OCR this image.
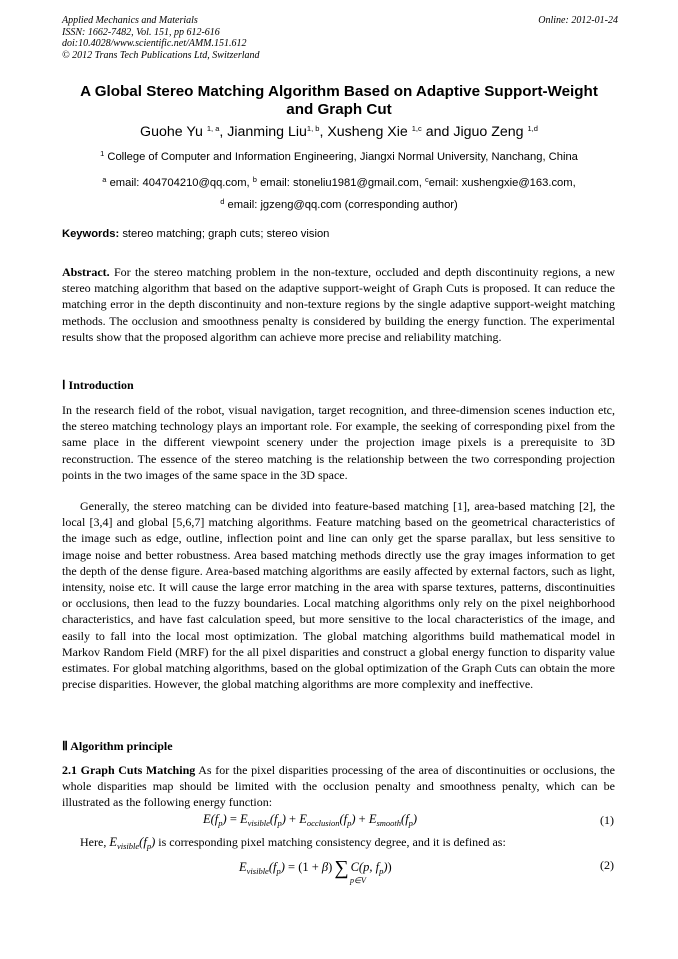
Applied Mechanics and Materials
ISSN: 1662-7482, Vol. 151, pp 612-616
doi:10.4028/www.scientific.net/AMM.151.612
© 2012 Trans Tech Publications Ltd, Switzerland
Online: 2012-01-24
A Global Stereo Matching Algorithm Based on Adaptive Support-Weight
and Graph Cut
Guohe Yu $^{1, a}$, Jianming Liu$^{1, b}$, Xusheng Xie $^{1,c}$ and Jiguo Zeng $^{1,d}$
$^1$ College of Computer and Information Engineering, Jiangxi Normal University, Nanchang, China
$^a$ email: 404704210@qq.com, $^b$ email: stoneliu1981@gmail.com, $^c$email: xushengxie@163.com,
$^d$ email: jgzeng@qq.com (corresponding author)
Keywords: stereo matching; graph cuts; stereo vision
Abstract. For the stereo matching problem in the non-texture, occluded and depth discontinuity regions, a new stereo matching algorithm that based on the adaptive support-weight of Graph Cuts is proposed. It can reduce the matching error in the depth discontinuity and non-texture regions by the single adaptive support-weight matching methods. The occlusion and smoothness penalty is considered by building the energy function. The experimental results show that the proposed algorithm can achieve more precise and reliability matching.
Ⅰ Introduction
In the research field of the robot, visual navigation, target recognition, and three-dimension scenes induction etc, the stereo matching technology plays an important role. For example, the seeking of corresponding pixel from the same place in the different viewpoint scenery under the projection image pixels is a prerequisite to 3D reconstruction. The essence of the stereo matching is the relationship between the two corresponding projection points in the two images of the same space in the 3D space.
Generally, the stereo matching can be divided into feature-based matching [1], area-based matching [2], the local [3,4] and global [5,6,7] matching algorithms. Feature matching based on the geometrical characteristics of the image such as edge, outline, inflection point and line can only get the sparse parallax, but less sensitive to image noise and better robustness. Area based matching methods directly use the gray images information to get the depth of the dense figure. Area-based matching algorithms are easily affected by external factors, such as light, intensity, noise etc. It will cause the large error matching in the area with sparse textures, patterns, discontinuities or occlusions, then lead to the fuzzy boundaries. Local matching algorithms only rely on the pixel neighborhood characteristics, and have fast calculation speed, but more sensitive to the local characteristics of the image, and easily to fall into the local most optimization. The global matching algorithms build mathematical model in Markov Random Field (MRF) for the all pixel disparities and construct a global energy function to disparity value estimates. For global matching algorithms, based on the global optimization of the Graph Cuts can obtain the more precise disparities. However, the global matching algorithms are more complexity and ineffective.
Ⅱ Algorithm principle
2.1 Graph Cuts Matching As for the pixel disparities processing of the area of discontinuities or occlusions, the whole disparities map should be limited with the occlusion penalty and smoothness penalty, which can be illustrated as the following energy function:
$E(f_p) = E_{visible}(f_p) + E_{occlusion}(f_p) + E_{smooth}(f_p)$	(1)
Here, $E_{visible}(f_p)$ is corresponding pixel matching consistency degree, and it is defined as:
$E_{visible}(f_p) = (1 + \beta)$ ∑ C(p, $f_p$))
p∈V
(2)
